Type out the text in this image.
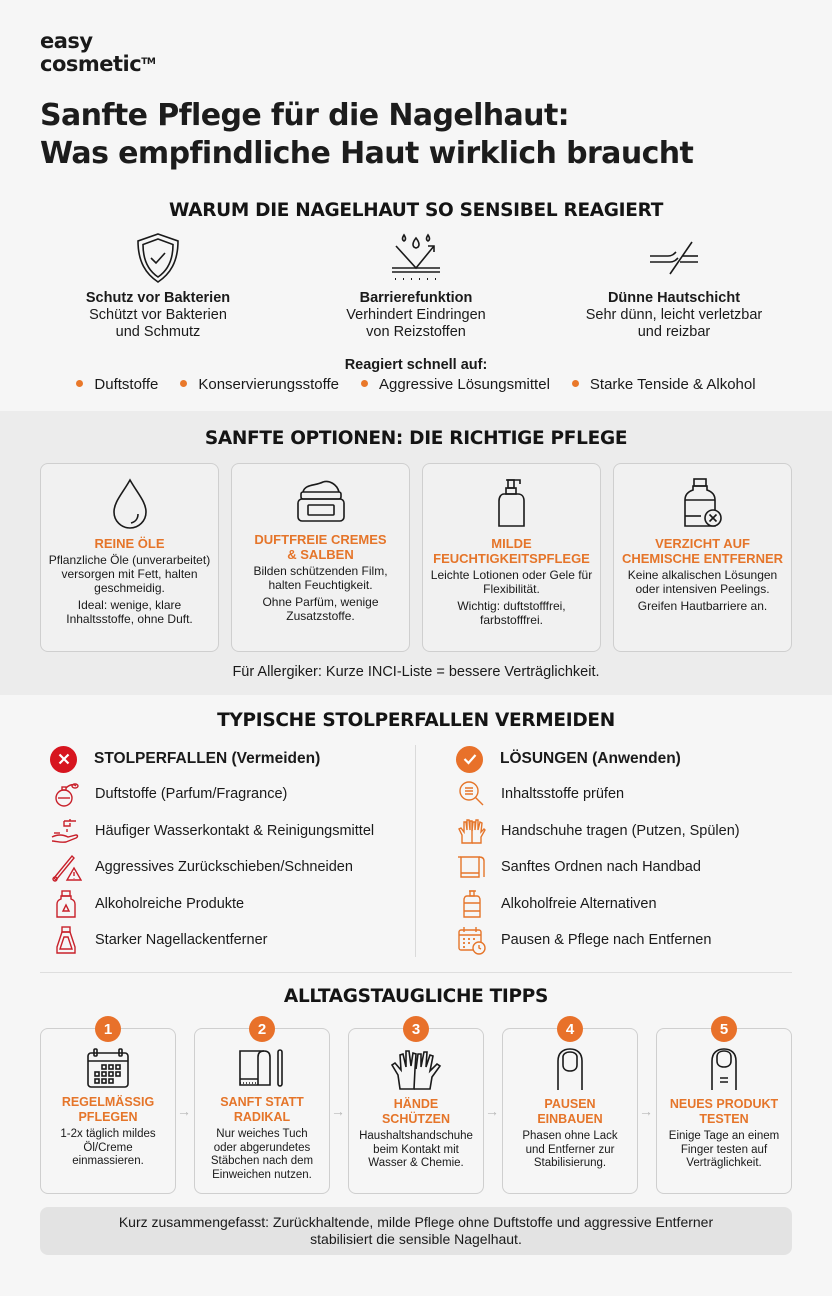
easy
cosmetic™
Sanfte Pflege für die Nagelhaut:
Was empfindliche Haut wirklich braucht
WARUM DIE NAGELHAUT SO SENSIBEL REAGIERT
Schutz vor Bakterien
Schützt vor Bakterien
und Schmutz
Barrierefunktion
Verhindert Eindringen
von Reizstoffen
Dünne Hautschicht
Sehr dünn, leicht verletzbar
und reizbar
Reagiert schnell auf:
Duftstoffe	Konservierungsstoffe	Aggressive Lösungsmittel	Starke Tenside & Alkohol
SANFTE OPTIONEN: DIE RICHTIGE PFLEGE
REINE ÖLE

Pflanzliche Öle (unverarbeitet) versorgen mit Fett, halten geschmeidig.

Ideal: wenige, klare Inhaltsstoffe, ohne Duft.

DUFTFREIE CREMES
& SALBEN

Bilden schützenden Film, halten Feuchtigkeit.

Ohne Parfüm, wenige Zusatzstoffe.

MILDE
FEUCHTIGKEITSPFLEGE

Leichte Lotionen oder Gele für Flexibilität.

Wichtig: duftstofffrei, farbstofffrei.

VERZICHT AUF
CHEMISCHE ENTFERNER

Keine alkalischen Lösungen oder intensiven Peelings.

Greifen Hautbarriere an.

Für Allergiker: Kurze INCI-Liste = bessere Verträglichkeit.
TYPISCHE STOLPERFALLEN VERMEIDEN
STOLPERFALLEN (Vermeiden)
Duftstoffe (Parfum/Fragrance)
Häufiger Wasserkontakt & Reinigungsmittel
Aggressives Zurückschieben/Schneiden
Alkoholreiche Produkte
Starker Nagellackentferner
LÖSUNGEN (Anwenden)
Inhaltsstoffe prüfen
Handschuhe tragen (Putzen, Spülen)
Sanftes Ordnen nach Handbad
Alkoholfreie Alternativen
Pausen & Pflege nach Entfernen
ALLTAGSTAUGLICHE TIPPS
REGELMÄSSIG
PFLEGEN
1-2x täglich mildes
Öl/Creme
einmassieren.
1
→
SANFT STATT
RADIKAL
Nur weiches Tuch
oder abgerundetes
Stäbchen nach dem
Einweichen nutzen.
2
→	HÄNDE
SCHÜTZEN
Haushaltshandschuhe
beim Kontakt mit
Wasser & Chemie.
3
→	PAUSEN
EINBAUEN
Phasen ohne Lack
und Entferner zur
Stabilisierung.
4
→	NEUES PRODUKT
TESTEN
Einige Tage an einem
Finger testen auf
Verträglichkeit.
5
Kurz zusammengefasst: Zurückhaltende, milde Pflege ohne Duftstoffe und aggressive Entferner
stabilisiert die sensible Nagelhaut.
